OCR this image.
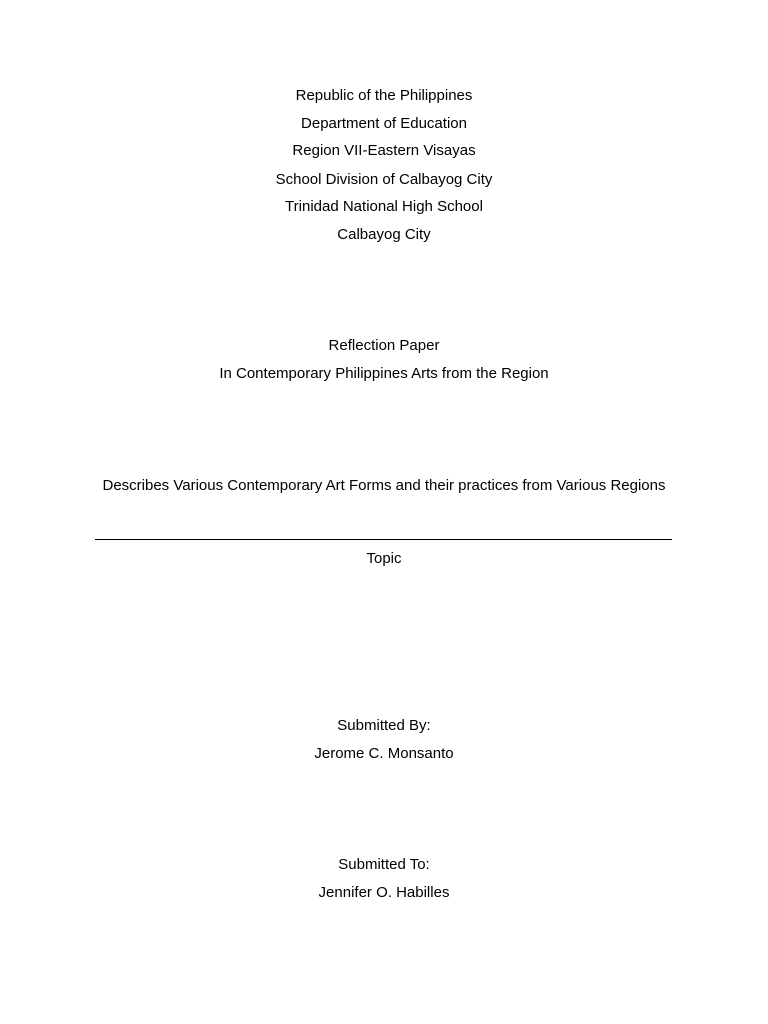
Republic of the Philippines
Department of Education
Region VII-Eastern Visayas
School Division of Calbayog City
Trinidad National High School
Calbayog City
Reflection Paper
In Contemporary Philippines Arts from the Region
Describes Various Contemporary Art Forms and their practices from Various Regions
Topic
Submitted By:
Jerome C. Monsanto
Submitted To:
Jennifer O. Habilles
